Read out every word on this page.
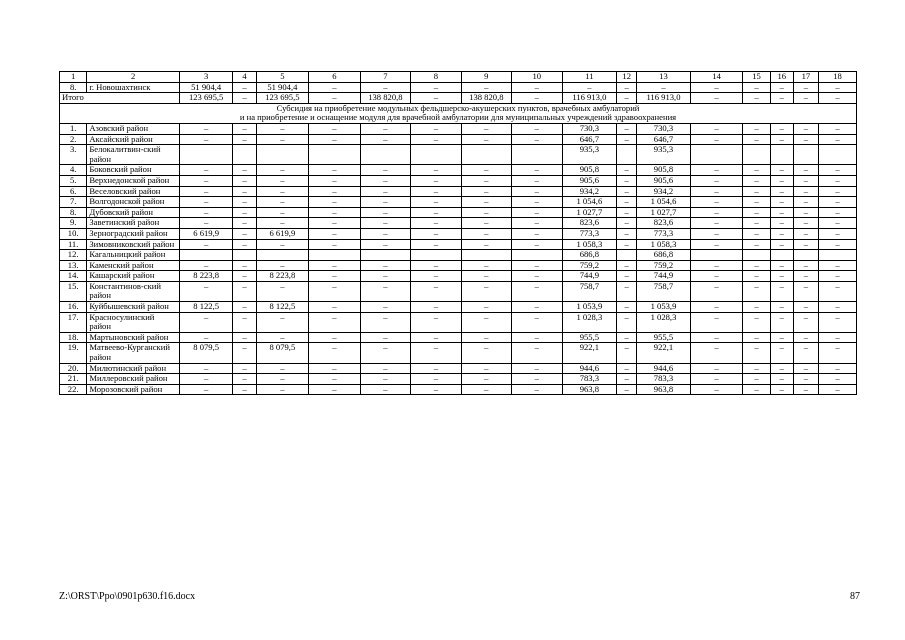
1	2	3	4	5	6	7	8	9	10	11	12	13	14	15	16	17	18
8.	г. Новошахтинск	51 904,4	–	51 904,4	–	–	–	–	–	–	–	–	–	–	–	–	–
Итого		123 695,5	–	123 695,5	–	138 820,8	–	138 820,8	–	116 913,0	–	116 913,0	–	–	–	–	–

Субсидия на приобретение модульных фельдшерско-акушерских пунктов, врачебных амбулаторий
и на приобретение и оснащение модуля для врачебной амбулатории для муниципальных учреждений здравоохранения																	

1.	Азовский район	–	–	–	–	–	–	–	–	730,3	–	730,3	–	–	–	–	–
2.	Аксайский район	–	–	–	–	–	–	–	–	646,7	–	646,7	–	–	–	–	–
3.	Белокалитвин-ский район									935,3		935,3					
4.	Боковский район	–	–	–	–	–	–	–	–	905,8	–	905,8	–	–	–	–	–
5.	Верхнедонской район	–	–	–	–	–	–	–	–	905,6	–	905,6	–	–	–	–	–
6.	Веселовский район	–	–	–	–	–	–	–	–	934,2	–	934,2	–	–	–	–	–
7.	Волгодонской район	–	–	–	–	–	–	–	–	1 054,6	–	1 054,6	–	–	–	–	–
8.	Дубовский район	–	–	–	–	–	–	–	–	1 027,7	–	1 027,7	–	–	–	–	–
9.	Заветинский район	–	–	–	–	–	–	–	–	823,6	–	823,6	–	–	–	–	–
10.	Зерноградский район	6 619,9	–	6 619,9	–	–	–	–	–	773,3	–	773,3	–	–	–	–	–
11.	Зимовниковский район	–	–	–	–	–	–	–	–	1 058,3	–	1 058,3	–	–	–	–	–
12.	Кагальницкий район									686,8		686,8					
13.	Каменский район	–	–	–	–	–	–	–	–	759,2	–	759,2	–	–	–	–	–
14.	Кашарский район	8 223,8	–	8 223,8	–	–	–	–	–	744,9	–	744,9	–	–	–	–	–
15.	Константинов-ский район	–	–	–	–	–	–	–	–	758,7	–	758,7	–	–	–	–	–
16.	Куйбышевский район	8 122,5	–	8 122,5	–	–	–	–	–	1 053,9	–	1 053,9	–	–	–	–	–
17.	Красносулинский район	–	–	–	–	–	–	–	–	1 028,3	–	1 028,3	–	–	–	–	–
18.	Мартыновский район	–	–	–	–	–	–	–	–	955,5	–	955,5	–	–	–	–	–
19.	Матвеево-Курганский район	8 079,5	–	8 079,5	–	–	–	–	–	922,1	–	922,1	–	–	–	–	–
20.	Милютинский район	–	–	–	–	–	–	–	–	944,6	–	944,6	–	–	–	–	–
21.	Миллеровский район	–	–	–	–	–	–	–	–	783,3	–	783,3	–	–	–	–	–
22.	Морозовский район	–	–	–	–	–	–	–	–	963,8	–	963,8	–	–	–	–	–
Z:\ORST\Ppo\0901p630.f16.docx	87
